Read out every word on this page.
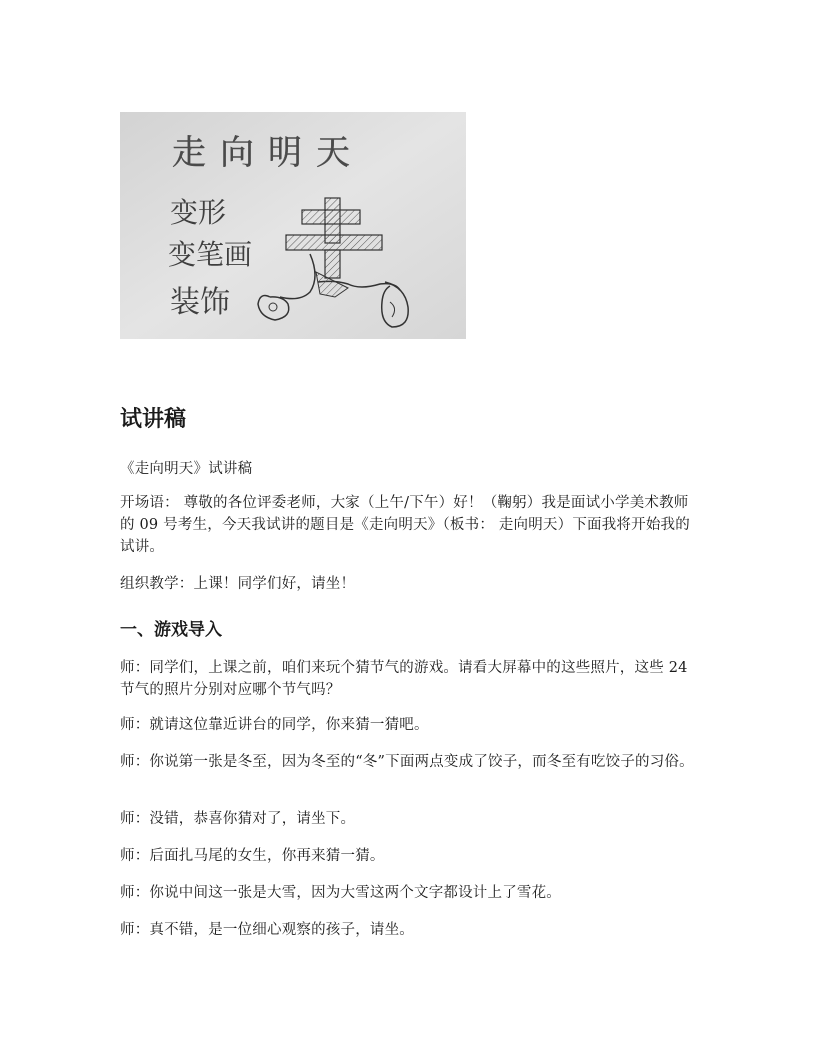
走向明天
变形
变笔画
装饰
试讲稿

《走向明天》试讲稿

开场语： 尊敬的各位评委老师，大家（上午/下午）好！（鞠躬）我是面试小学美术教师的 09 号考生，今天我试讲的题目是《走向明天》（板书： 走向明天）下面我将开始我的试讲。

组织教学：上课！同学们好，请坐！

一、游戏导入

师：同学们，上课之前，咱们来玩个猜节气的游戏。请看大屏幕中的这些照片，这些 24 节气的照片分别对应哪个节气吗？

师：就请这位靠近讲台的同学，你来猜一猜吧。

师：你说第一张是冬至，因为冬至的“冬”下面两点变成了饺子，而冬至有吃饺子的习俗。

师：没错，恭喜你猜对了，请坐下。

师：后面扎马尾的女生，你再来猜一猜。

师：你说中间这一张是大雪，因为大雪这两个文字都设计上了雪花。

师：真不错，是一位细心观察的孩子，请坐。
